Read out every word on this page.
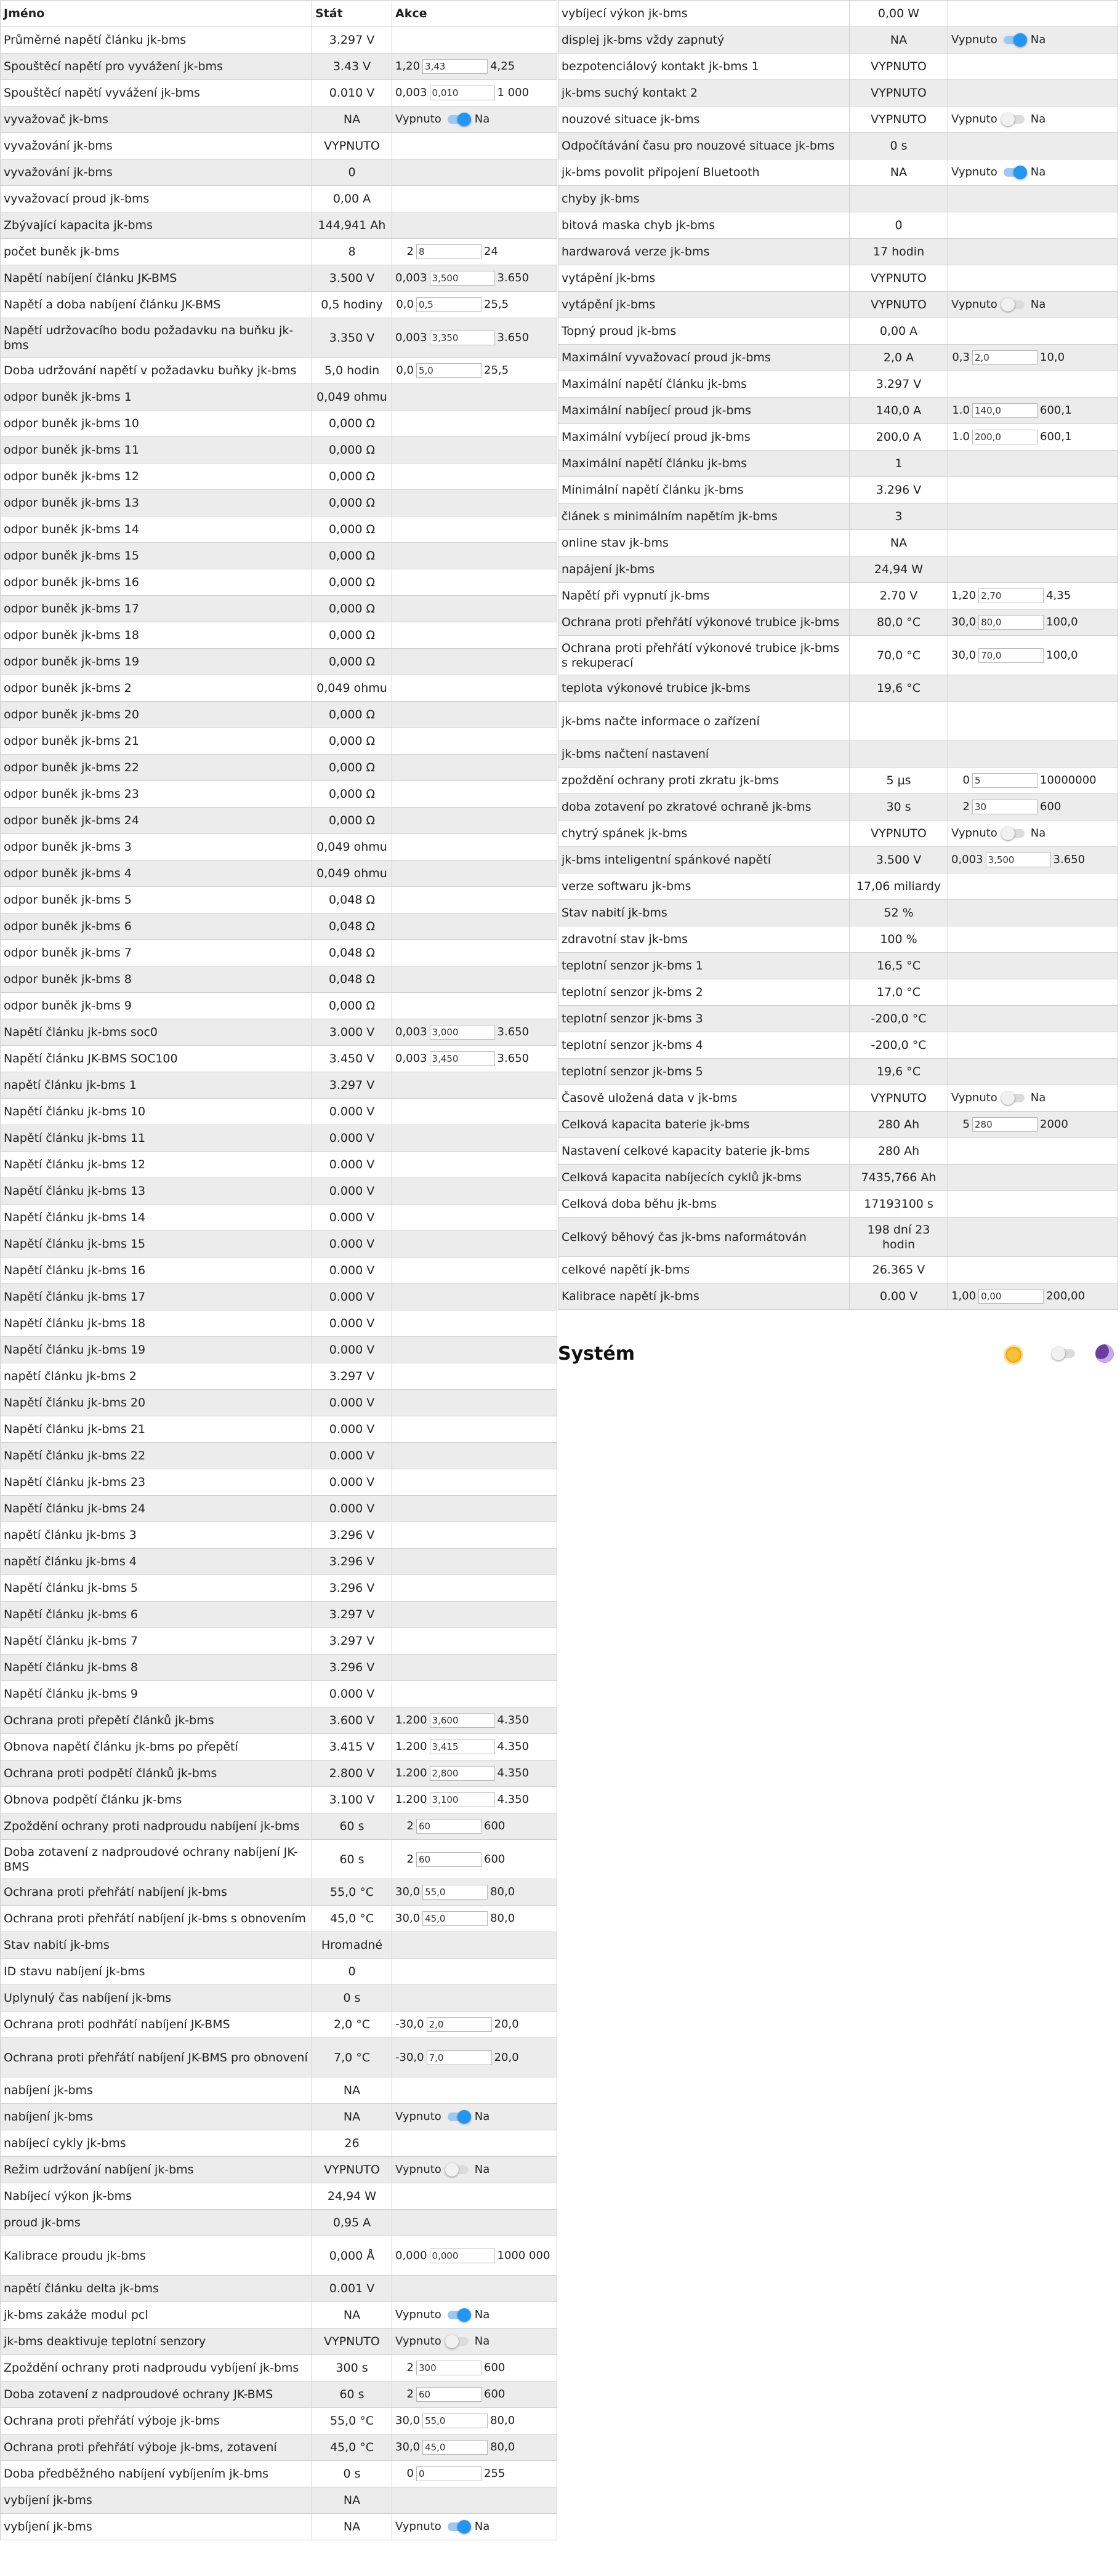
Jméno	Stát	Akce
Průměrné napětí článku jk-bms	3.297 V	
Spouštěcí napětí pro vyvážení jk-bms	3.43 V	1,20 3,43 4,25

Spouštěcí napětí vyvážení jk-bms	0.010 V	0,003 0,010 1 000

vyvažovač jk-bms	NA	Vypnuto Na

vyvažování jk-bms	VYPNUTO	
vyvažování jk-bms	0	
vyvažovací proud jk-bms	0,00 A	
Zbývající kapacita jk-bms	144,941 Ah	
počet buněk jk-bms	8	2 8 24

Napětí nabíjení článku JK-BMS	3.500 V	0,003 3,500 3.650

Napětí a doba nabíjení článku JK-BMS	0,5 hodiny	0,0 0,5 25,5

Napětí udržovacího bodu požadavku na buňku jk-bms	3.350 V	0,003 3,350 3.650

Doba udržování napětí v požadavku buňky jk-bms	5,0 hodin	0,0 5,0 25,5

odpor buněk jk-bms 1	0,049 ohmu	
odpor buněk jk-bms 10	0,000 Ω	
odpor buněk jk-bms 11	0,000 Ω	
odpor buněk jk-bms 12	0,000 Ω	
odpor buněk jk-bms 13	0,000 Ω	
odpor buněk jk-bms 14	0,000 Ω	
odpor buněk jk-bms 15	0,000 Ω	
odpor buněk jk-bms 16	0,000 Ω	
odpor buněk jk-bms 17	0,000 Ω	
odpor buněk jk-bms 18	0,000 Ω	
odpor buněk jk-bms 19	0,000 Ω	
odpor buněk jk-bms 2	0,049 ohmu	
odpor buněk jk-bms 20	0,000 Ω	
odpor buněk jk-bms 21	0,000 Ω	
odpor buněk jk-bms 22	0,000 Ω	
odpor buněk jk-bms 23	0,000 Ω	
odpor buněk jk-bms 24	0,000 Ω	
odpor buněk jk-bms 3	0,049 ohmu	
odpor buněk jk-bms 4	0,049 ohmu	
odpor buněk jk-bms 5	0,048 Ω	
odpor buněk jk-bms 6	0,048 Ω	
odpor buněk jk-bms 7	0,048 Ω	
odpor buněk jk-bms 8	0,048 Ω	
odpor buněk jk-bms 9	0,000 Ω	
Napětí článku jk-bms soc0	3.000 V	0,003 3,000 3.650

Napětí článku JK-BMS SOC100	3.450 V	0,003 3,450 3.650

napětí článku jk-bms 1	3.297 V	
Napětí článku jk-bms 10	0.000 V	
Napětí článku jk-bms 11	0.000 V	
Napětí článku jk-bms 12	0.000 V	
Napětí článku jk-bms 13	0.000 V	
Napětí článku jk-bms 14	0.000 V	
Napětí článku jk-bms 15	0.000 V	
Napětí článku jk-bms 16	0.000 V	
Napětí článku jk-bms 17	0.000 V	
Napětí článku jk-bms 18	0.000 V	
Napětí článku jk-bms 19	0.000 V	
napětí článku jk-bms 2	3.297 V	
Napětí článku jk-bms 20	0.000 V	
Napětí článku jk-bms 21	0.000 V	
Napětí článku jk-bms 22	0.000 V	
Napětí článku jk-bms 23	0.000 V	
Napětí článku jk-bms 24	0.000 V	
napětí článku jk-bms 3	3.296 V	
napětí článku jk-bms 4	3.296 V	
Napětí článku jk-bms 5	3.296 V	
Napětí článku jk-bms 6	3.297 V	
Napětí článku jk-bms 7	3.297 V	
Napětí článku jk-bms 8	3.296 V	
Napětí článku jk-bms 9	0.000 V	
Ochrana proti přepětí článků jk-bms	3.600 V	1.200 3,600 4.350

Obnova napětí článku jk-bms po přepětí	3.415 V	1.200 3,415 4.350

Ochrana proti podpětí článků jk-bms	2.800 V	1.200 2,800 4.350

Obnova podpětí článku jk-bms	3.100 V	1.200 3,100 4.350

Zpoždění ochrany proti nadproudu nabíjení jk-bms	60 s	2 60 600

Doba zotavení z nadproudové ochrany nabíjení JK-BMS	60 s	2 60 600

Ochrana proti přehřátí nabíjení jk-bms	55,0 °C	30,0 55,0 80,0

Ochrana proti přehřátí nabíjení jk-bms s obnovením	45,0 °C	30,0 45,0 80,0

Stav nabití jk-bms	Hromadné	
ID stavu nabíjení jk-bms	0	
Uplynulý čas nabíjení jk-bms	0 s	
Ochrana proti podhřátí nabíjení JK-BMS	2,0 °C	-30,0 2,0 20,0

Ochrana proti přehřátí nabíjení JK-BMS pro obnovení	7,0 °C	-30,0 7,0 20,0

nabíjení jk-bms	NA	
nabíjení jk-bms	NA	Vypnuto Na

nabíjecí cykly jk-bms	26	
Režim udržování nabíjení jk-bms	VYPNUTO	Vypnuto Na

Nabíjecí výkon jk-bms	24,94 W	
proud jk-bms	0,95 A	
Kalibrace proudu jk-bms	0,000 Å	0,000 0,000 1000 000

napětí článku delta jk-bms	0.001 V	
jk-bms zakáže modul pcl	NA	Vypnuto Na

jk-bms deaktivuje teplotní senzory	VYPNUTO	Vypnuto Na

Zpoždění ochrany proti nadproudu vybíjení jk-bms	300 s	2 300 600

Doba zotavení z nadproudové ochrany JK-BMS	60 s	2 60 600

Ochrana proti přehřátí výboje jk-bms	55,0 °C	30,0 55,0 80,0

Ochrana proti přehřátí výboje jk-bms, zotavení	45,0 °C	30,0 45,0 80,0

Doba předběžného nabíjení vybíjením jk-bms	0 s	0 0 255

vybíjení jk-bms	NA	
vybíjení jk-bms	NA	Vypnuto Na
vybíjecí výkon jk-bms	0,00 W	
displej jk-bms vždy zapnutý	NA	Vypnuto Na

bezpotenciálový kontakt jk-bms 1	VYPNUTO	
jk-bms suchý kontakt 2	VYPNUTO	
nouzové situace jk-bms	VYPNUTO	Vypnuto Na

Odpočítávání času pro nouzové situace jk-bms	0 s	
jk-bms povolit připojení Bluetooth	NA	Vypnuto Na

chyby jk-bms		
bitová maska chyb jk-bms	0	
hardwarová verze jk-bms	17 hodin	
vytápění jk-bms	VYPNUTO	
vytápění jk-bms	VYPNUTO	Vypnuto Na

Topný proud jk-bms	0,00 A	
Maximální vyvažovací proud jk-bms	2,0 A	0,3 2,0 10,0

Maximální napětí článku jk-bms	3.297 V	
Maximální nabíjecí proud jk-bms	140,0 A	1.0 140,0 600,1

Maximální vybíjecí proud jk-bms	200,0 A	1.0 200,0 600,1

Maximální napětí článku jk-bms	1	
Minimální napětí článku jk-bms	3.296 V	
článek s minimálním napětím jk-bms	3	
online stav jk-bms	NA	
napájení jk-bms	24,94 W	
Napětí při vypnutí jk-bms	2.70 V	1,20 2,70 4,35

Ochrana proti přehřátí výkonové trubice jk-bms	80,0 °C	30,0 80,0 100,0

Ochrana proti přehřátí výkonové trubice jk-bms s rekuperací	70,0 °C	30,0 70,0 100,0

teplota výkonové trubice jk-bms	19,6 °C	
jk-bms načte informace o zařízení		
jk-bms načtení nastavení		
zpoždění ochrany proti zkratu jk-bms	5 μs	0 5 10000000

doba zotavení po zkratové ochraně jk-bms	30 s	2 30 600

chytrý spánek jk-bms	VYPNUTO	Vypnuto Na

jk-bms inteligentní spánkové napětí	3.500 V	0,003 3,500 3.650

verze softwaru jk-bms	17,06 miliardy	
Stav nabití jk-bms	52 %	
zdravotní stav jk-bms	100 %	
teplotní senzor jk-bms 1	16,5 °C	
teplotní senzor jk-bms 2	17,0 °C	
teplotní senzor jk-bms 3	-200,0 °C	
teplotní senzor jk-bms 4	-200,0 °C	
teplotní senzor jk-bms 5	19,6 °C	
Časově uložená data v jk-bms	VYPNUTO	Vypnuto Na

Celková kapacita baterie jk-bms	280 Ah	5 280 2000

Nastavení celkové kapacity baterie jk-bms	280 Ah	
Celková kapacita nabíjecích cyklů jk-bms	7435,766 Ah	
Celková doba běhu jk-bms	17193100 s	
Celkový běhový čas jk-bms naformátován	198 dní 23 hodin	
celkové napětí jk-bms	26.365 V	
Kalibrace napětí jk-bms	0.00 V	1,00 0,00 200,00
Systém
